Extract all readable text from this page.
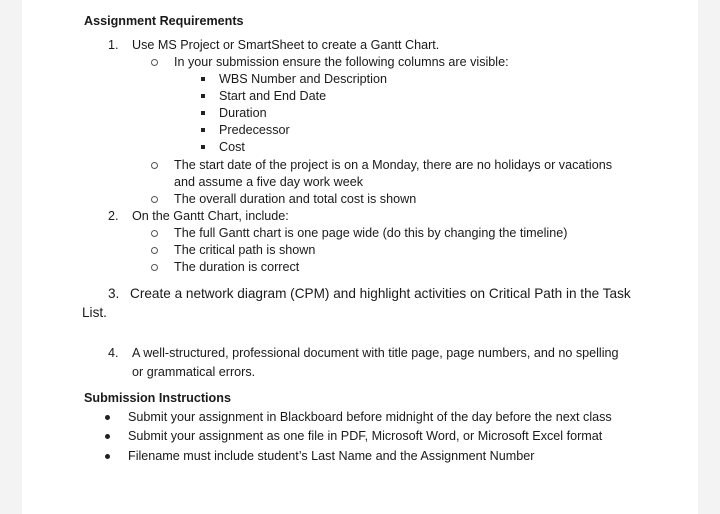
Assignment Requirements
1. Use MS Project or SmartSheet to create a Gantt Chart.
In your submission ensure the following columns are visible:
WBS Number and Description
Start and End Date
Duration
Predecessor
Cost
The start date of the project is on a Monday, there are no holidays or vacations
and assume a five day work week
The overall duration and total cost is shown
2. On the Gantt Chart, include:
The full Gantt chart is one page wide (do this by changing the timeline)
The critical path is shown
The duration is correct
3. Create a network diagram (CPM) and highlight activities on Critical Path in the Task
List.
4. A well-structured, professional document with title page, page numbers, and no spelling
or grammatical errors.
Submission Instructions
Submit your assignment in Blackboard before midnight of the day before the next class
Submit your assignment as one file in PDF, Microsoft Word, or Microsoft Excel format
Filename must include student’s Last Name and the Assignment Number
